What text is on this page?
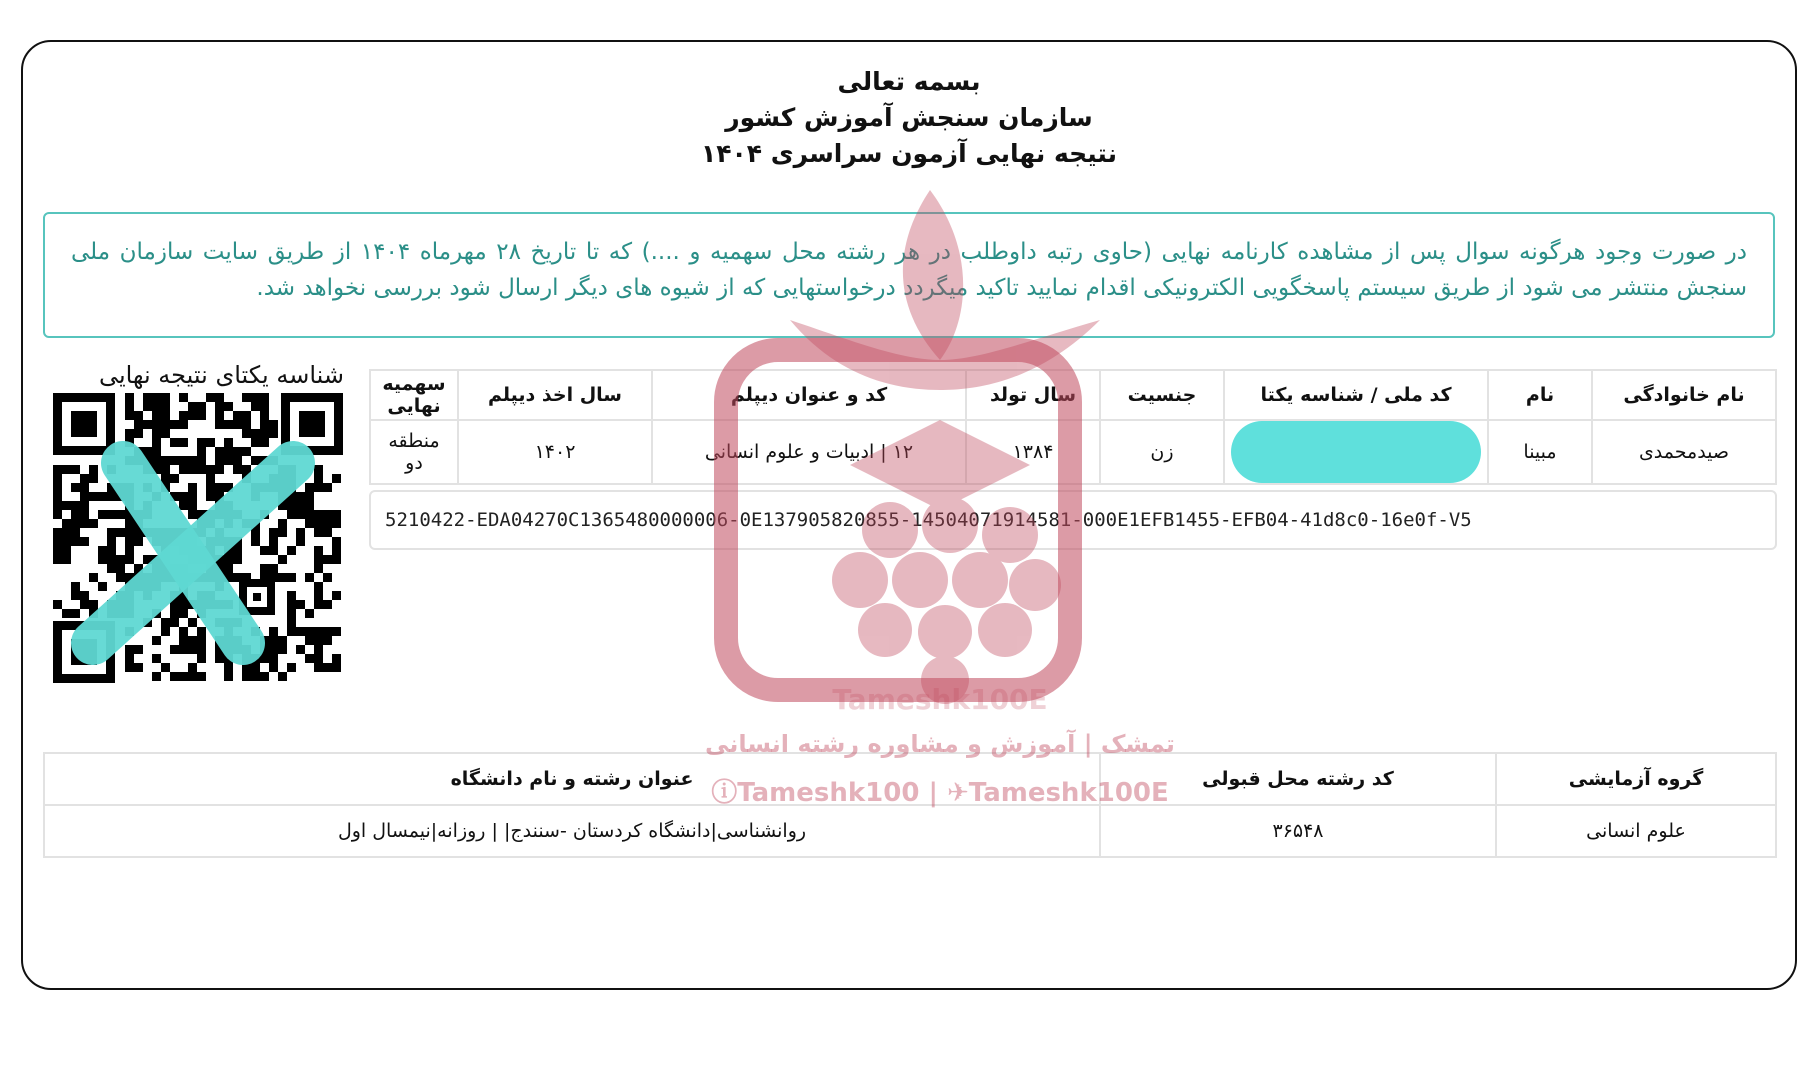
بسمه تعالی
سازمان سنجش آموزش کشور
نتیجه نهایی آزمون سراسری ۱۴۰۴
در صورت وجود هرگونه سوال پس از مشاهده کارنامه نهایی (حاوی رتبه داوطلب در هر رشته محل سهمیه و ....) که تا تاریخ ۲۸ مهرماه ۱۴۰۴ از طریق سایت سازمان ملی سنجش منتشر می شود از طریق سیستم پاسخگویی الکترونیکی اقدام نمایید تاکید میگردد درخواستهایی که از شیوه های دیگر ارسال شود بررسی نخواهد شد.
شناسه یکتای نتیجه نهایی
نام خانوادگی	نام	کد ملی / شناسه یکتا	جنسیت	سال تولد	کد و عنوان دیپلم	سال اخذ دیپلم	سهمیه نهایی
صیدمحمدی	مبینا		زن	۱۳۸۴	۱۲ | ادبیات و علوم انسانی	۱۴۰۲	منطقه دو
5210422-EDA04270C1365480000006-0E137905820855-14504071914581-000E1EFB1455-EFB04-41d8c0-16e0f-V5
گروه آزمایشی	کد رشته محل قبولی	عنوان رشته و نام دانشگاه
علوم انسانی	۳۶۵۴۸	روانشناسی|دانشگاه کردستان -سنندج| | روزانه|نیمسال اول
Tameshk100E
تمشک | آموزش و مشاوره رشته انسانی
ⓘTameshk100 | ✈Tameshk100E
